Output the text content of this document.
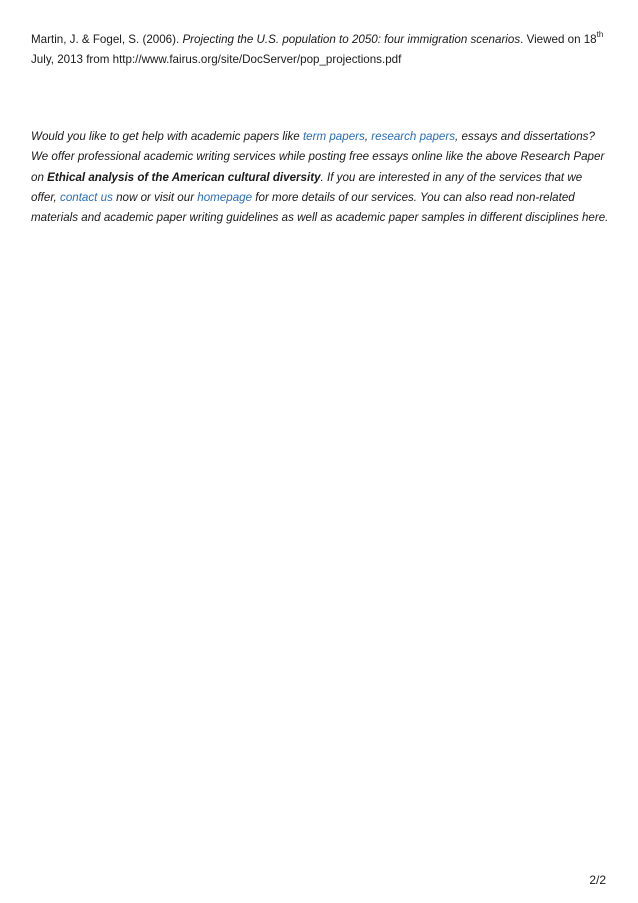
Martin, J. & Fogel, S. (2006). Projecting the U.S. population to 2050: four immigration scenarios. Viewed on 18th
July, 2013 from http://www.fairus.org/site/DocServer/pop_projections.pdf

Would you like to get help with academic papers like term papers, research papers, essays and dissertations? We offer professional academic writing services while posting free essays online like the above Research Paper on Ethical analysis of the American cultural diversity. If you are interested in any of the services that we offer, contact us now or visit our homepage for more details of our services. You can also read non-related materials and academic paper writing guidelines as well as academic paper samples in different disciplines here.

2/2
